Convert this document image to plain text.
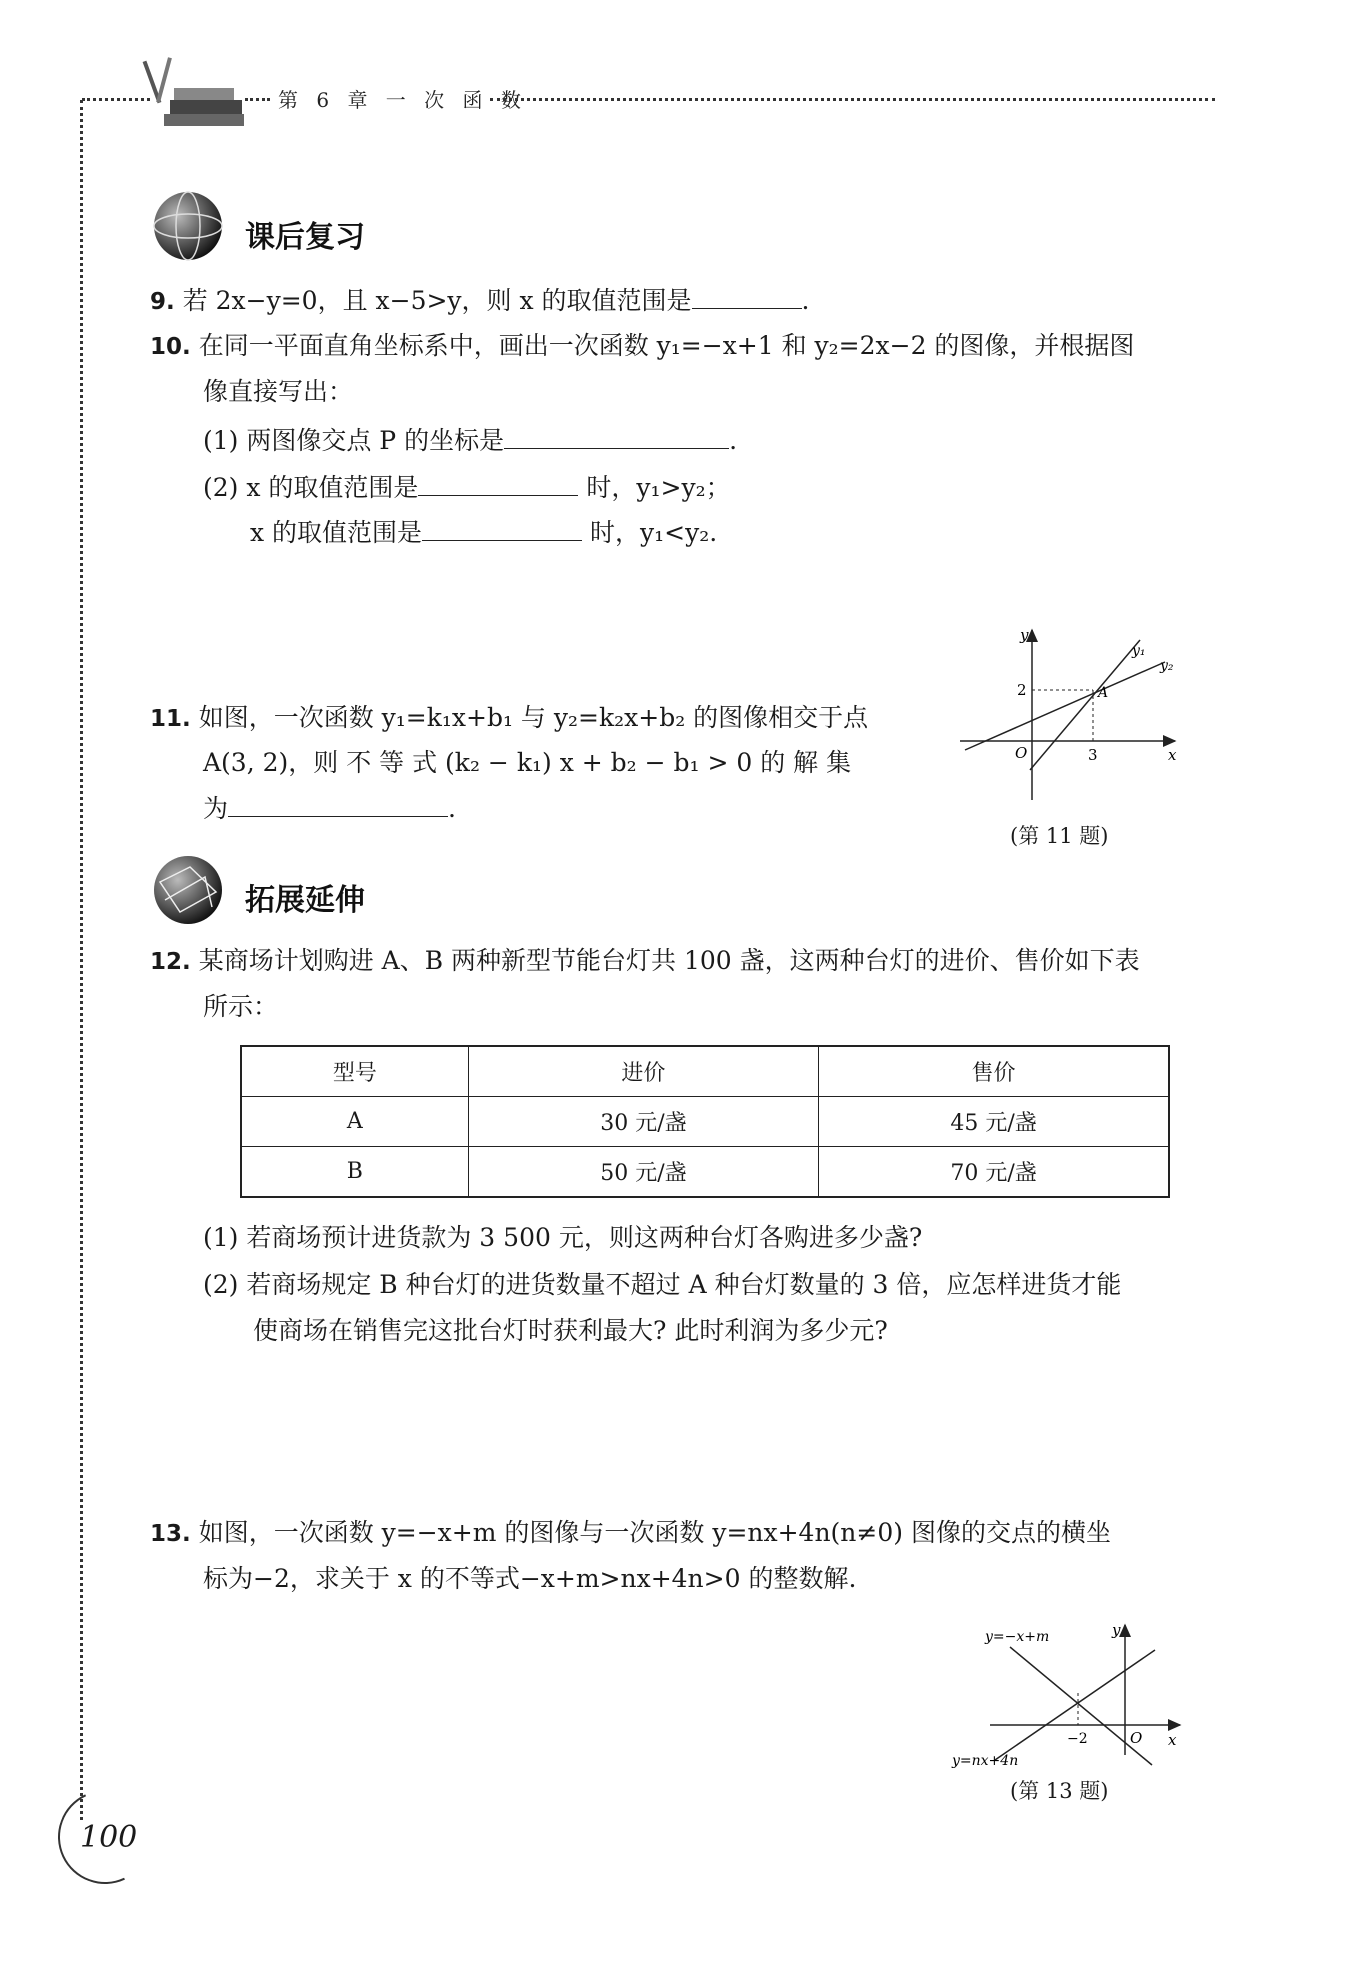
第 6 章 一 次 函 数
课后复习
9. 若 2x−y=0，且 x−5>y，则 x 的取值范围是	.
10. 在同一平面直角坐标系中，画出一次函数 y₁=−x+1 和 y₂=2x−2 的图像，并根据图
像直接写出：
(1) 两图像交点 P 的坐标是	.
(2) x 的取值范围是	时，y₁>y₂；
x 的取值范围是	时，y₁<y₂.
11. 如图，一次函数 y₁=k₁x+b₁ 与 y₂=k₂x+b₂ 的图像相交于点
A(3, 2)，则 不 等 式 (k₂ − k₁) x + b₂ − b₁ > 0 的 解 集
为	.
y
x
O	3
2	A
y₁
y₂
(第 11 题)
拓展延伸
12. 某商场计划购进 A、B 两种新型节能台灯共 100 盏，这两种台灯的进价、售价如下表
所示：
型号	进价	售价
A	30 元/盏	45 元/盏
B	50 元/盏	70 元/盏
(1) 若商场预计进货款为 3 500 元，则这两种台灯各购进多少盏?
(2) 若商场规定 B 种台灯的进货数量不超过 A 种台灯数量的 3 倍，应怎样进货才能
使商场在销售完这批台灯时获利最大? 此时利润为多少元?
13. 如图，一次函数 y=−x+m 的图像与一次函数 y=nx+4n(n≠0) 图像的交点的横坐
标为−2，求关于 x 的不等式−x+m>nx+4n>0 的整数解.
y=−x+m
y=nx+4n
y
x
O
−2
(第 13 题)
100
